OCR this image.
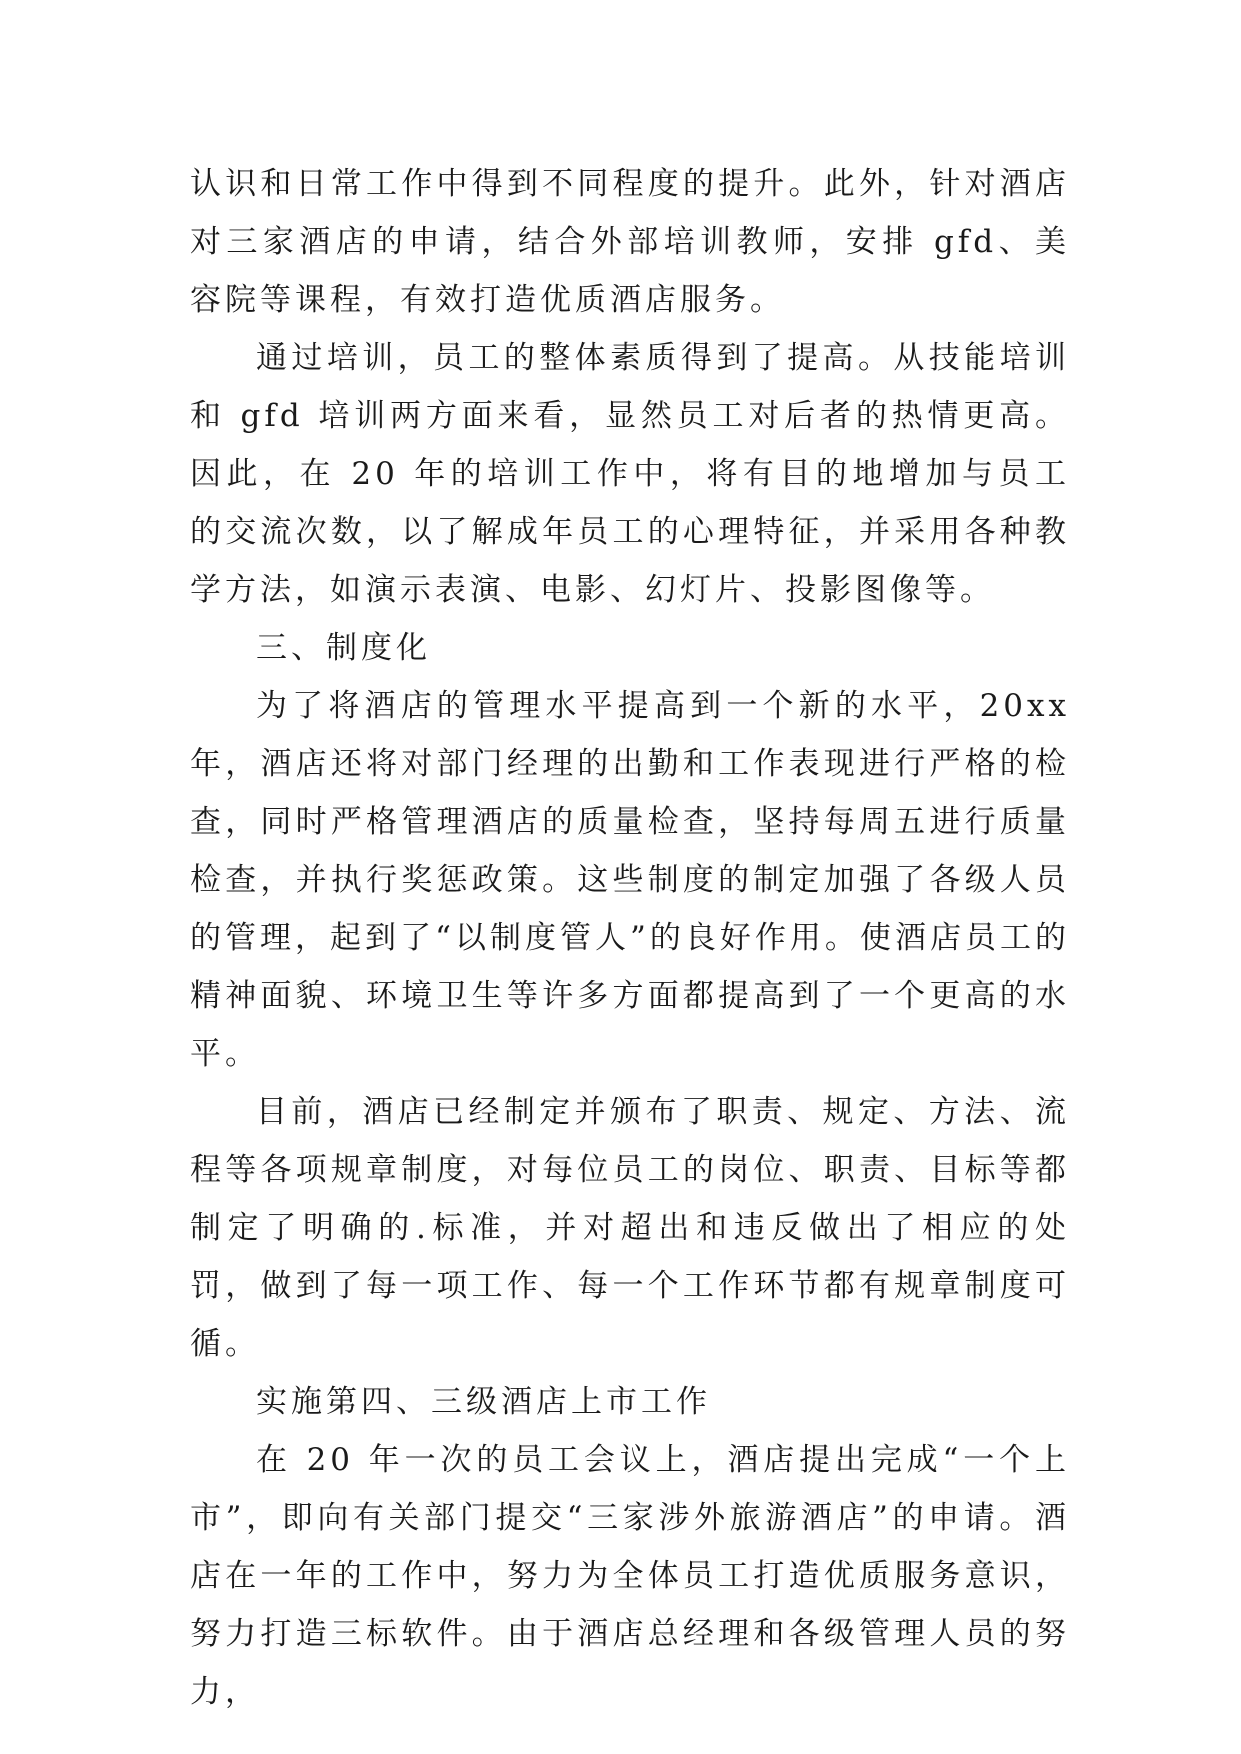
认识和日常工作中得到不同程度的提升。此外，针对酒店对三家酒店的申请，结合外部培训教师，安排 gfd、美容院等课程，有效打造优质酒店服务。

通过培训，员工的整体素质得到了提高。从技能培训和 gfd 培训两方面来看，显然员工对后者的热情更高。因此，在 20 年的培训工作中，将有目的地增加与员工的交流次数，以了解成年员工的心理特征，并采用各种教学方法，如演示表演、电影、幻灯片、投影图像等。

三、制度化

为了将酒店的管理水平提高到一个新的水平，20xx 年，酒店还将对部门经理的出勤和工作表现进行严格的检查，同时严格管理酒店的质量检查，坚持每周五进行质量检查，并执行奖惩政策。这些制度的制定加强了各级人员的管理，起到了“以制度管人”的良好作用。使酒店员工的精神面貌、环境卫生等许多方面都提高到了一个更高的水平。

目前，酒店已经制定并颁布了职责、规定、方法、流程等各项规章制度，对每位员工的岗位、职责、目标等都制定了明确的.标准，并对超出和违反做出了相应的处罚，做到了每一项工作、每一个工作环节都有规章制度可循。

实施第四、三级酒店上市工作

在 20 年一次的员工会议上，酒店提出完成“一个上市”，即向有关部门提交“三家涉外旅游酒店”的申请。酒店在一年的工作中，努力为全体员工打造优质服务意识，努力打造三标软件。由于酒店总经理和各级管理人员的努力，
